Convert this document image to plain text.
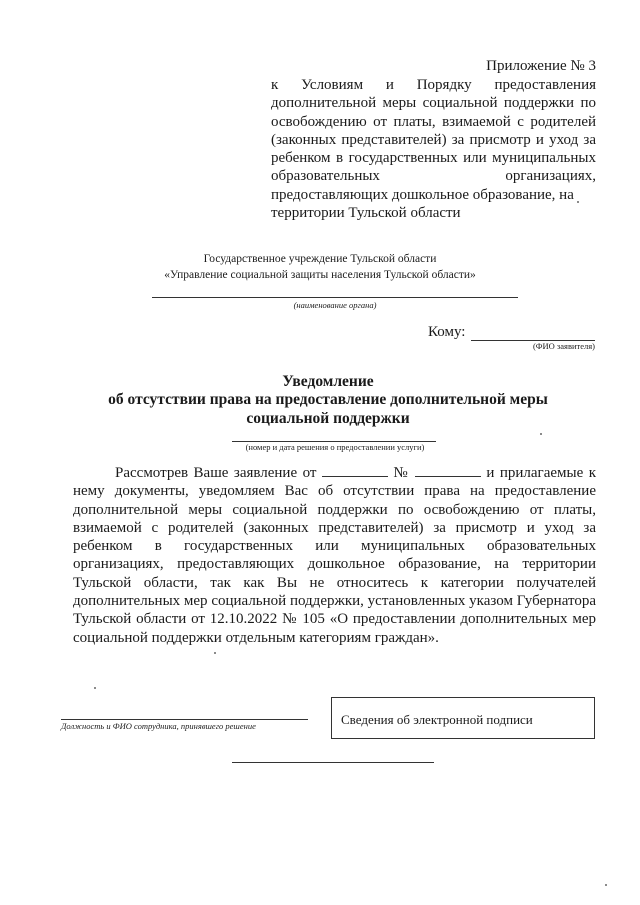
Приложение № 3
к Условиям и Порядку предоставления
дополнительной меры социальной поддержки по
освобождению от платы, взимаемой с родителей
(законных представителей) за присмотр и уход за
ребенком в государственных или муниципальных
образовательных организациях,
предоставляющих дошкольное образование, на
территории Тульской области
Государственное учреждение Тульской области
«Управление социальной защиты населения Тульской области»
(наименование органа)
Кому:
(ФИО заявителя)
Уведомление
об отсутствии права на предоставление дополнительной меры
социальной поддержки
(номер и дата решения о предоставлении услуги)
Рассмотрев Ваше заявление от	№	и прилагаемые к нему документы, уведомляем Вас об отсутствии права на предоставление дополнительной меры социальной поддержки по освобождению от платы, взимаемой с родителей (законных представителей) за присмотр и уход за ребенком в государственных или муниципальных образовательных организациях, предоставляющих дошкольное образование, на территории Тульской области, так как Вы не относитесь к категории получателей дополнительных мер социальной поддержки, установленных указом Губернатора Тульской области от 12.10.2022 № 105 «О предоставлении дополнительных мер социальной поддержки отдельным категориям граждан».
Должность и ФИО сотрудника, принявшего решение	Сведения об электронной подписи
